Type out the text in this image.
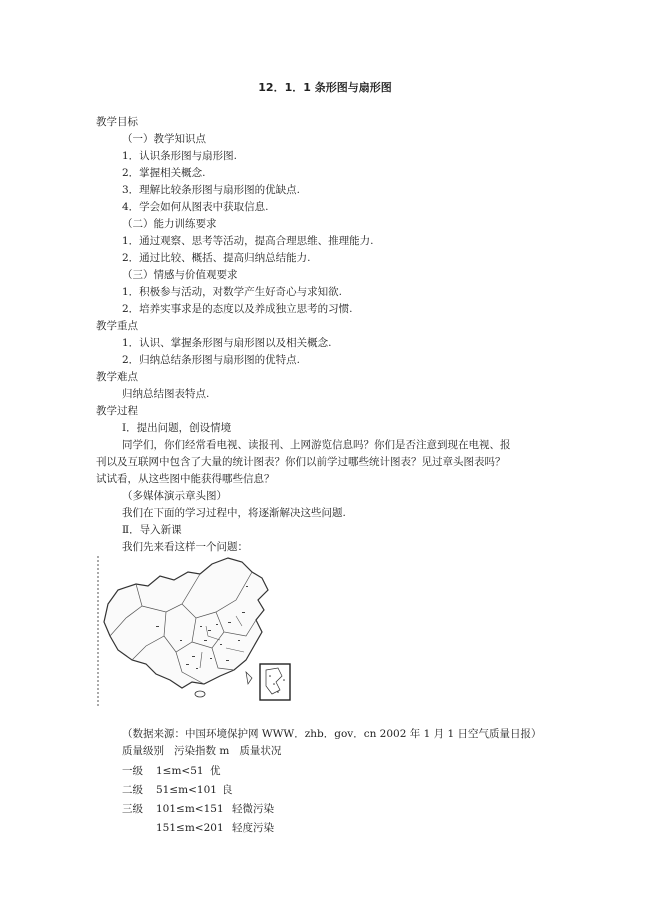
12．1．1 条形图与扇形图
教学目标
（一）教学知识点
1．认识条形图与扇形图.
2．掌握相关概念.
3．理解比较条形图与扇形图的优缺点.
4．学会如何从图表中获取信息.
（二）能力训练要求
1．通过观察、思考等活动，提高合理思维、推理能力.
2．通过比较、概括、提高归纳总结能力.
（三）情感与价值观要求
1．积极参与活动，对数学产生好奇心与求知欲.
2．培养实事求是的态度以及养成独立思考的习惯.
教学重点
1．认识、掌握条形图与扇形图以及相关概念.
2．归纳总结条形图与扇形图的优特点.
教学难点
归纳总结图表特点.
教学过程
Ⅰ．提出问题，创设情境
同学们，你们经常看电视、读报刊、上网游览信息吗？你们是否注意到现在电视、报
刊以及互联网中包含了大量的统计图表？你们以前学过哪些统计图表？见过章头图表吗？
试试看，从这些图中能获得哪些信息？
（多媒体演示章头图）
我们在下面的学习过程中，将逐渐解决这些问题.
Ⅱ．导入新课
我们先来看这样一个问题：
（数据来源：中国环境保护网 WWW．zhb．gov．cn 2002 年 1 月 1 日空气质量日报）
质量级别 污染指数 m 质量状况
一级 1≤m<51 优
二级 51≤m<101 良
三级 101≤m<151 轻微污染
151≤m<201 轻度污染
